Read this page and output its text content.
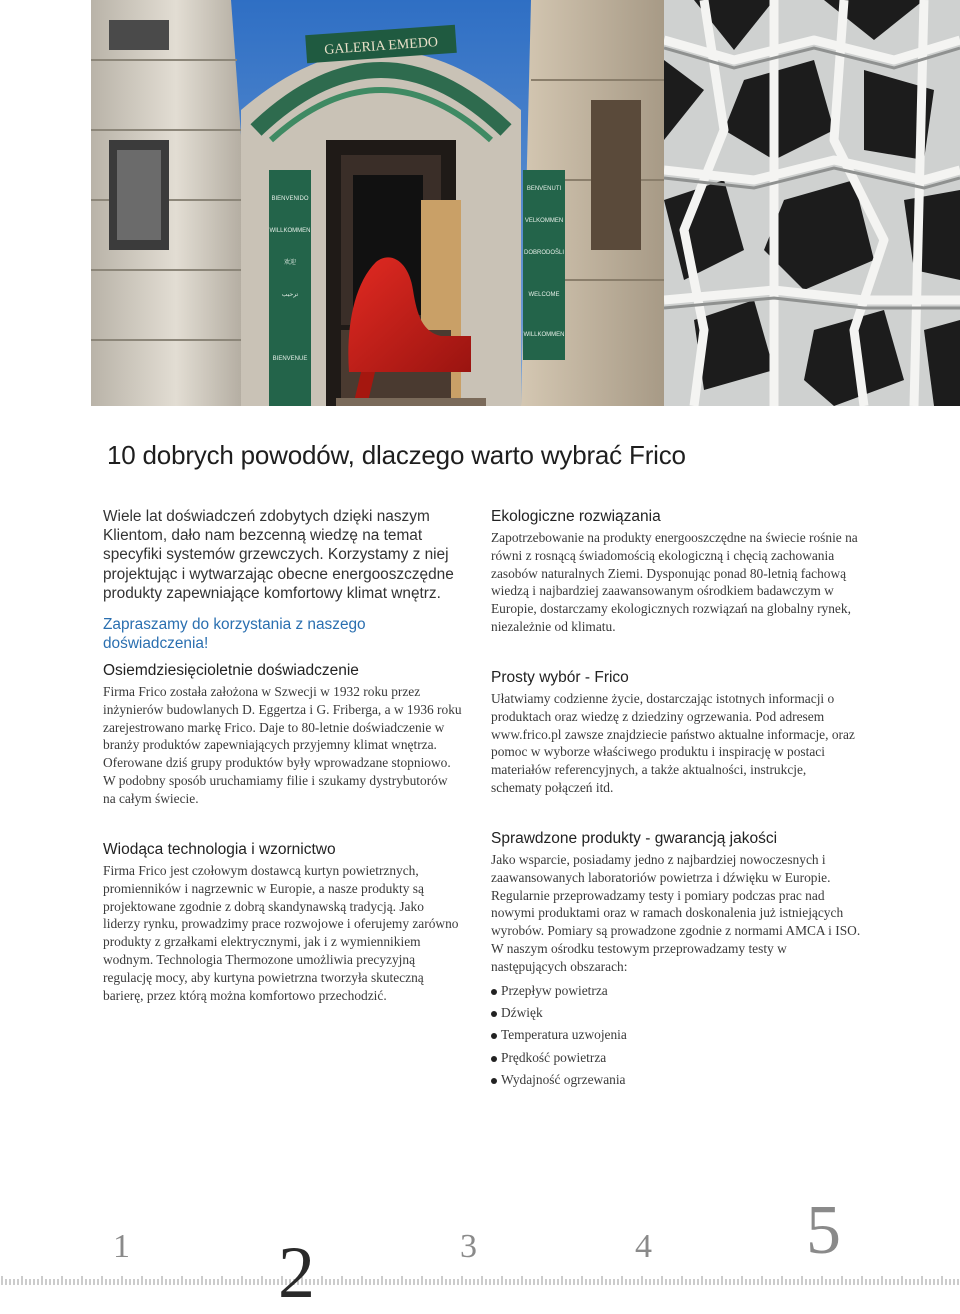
GALERIA EMEDO
BIENVENIDO
WILLKOMMEN
欢迎
ترحيب
BIENVENUE
BENVENUTI
VELKOMMEN
DOBRODOŠLI
WELCOME
WILLKOMMEN
10 dobrych powodów, dlaczego warto wybrać Frico

Wiele lat doświadczeń zdobytych dzięki naszym Klientom, dało nam bezcenną wiedzę na temat specyfiki systemów grzewczych. Korzystamy z niej projektując i wytwarzając obecne energooszczędne produkty zapewniające komfortowy klimat wnętrz.

Zapraszamy do korzystania z naszego doświadczenia!

Osiemdziesięcioletnie doświadczenie

Firma Frico została założona w Szwecji w 1932 roku przez inżynierów budowlanych D. Eggertza i G. Friberga, a w 1936 roku zarejestrowano markę Frico. Daje to 80-letnie doświadczenie w branży produktów zapewniających przyjemny klimat wnętrza. Oferowane dziś grupy produktów były wprowadzane stopniowo. W podobny sposób uruchamiamy filie i szukamy dystrybutorów na całym świecie.

Wiodąca technologia i wzornictwo

Firma Frico jest czołowym dostawcą kurtyn powietrznych, promienników i nagrzewnic w Europie, a nasze produkty są projektowane zgodnie z dobrą skandynawską tradycją. Jako liderzy rynku, prowadzimy prace rozwojowe i oferujemy zarówno produkty z grzałkami elektrycznymi, jak i z wymiennikiem wodnym. Technologia Thermozone umożliwia precyzyjną regulację mocy, aby kurtyna powietrzna tworzyła skuteczną barierę, przez którą można komfortowo przechodzić.

Ekologiczne rozwiązania

Zapotrzebowanie na produkty energooszczędne na świecie rośnie na równi z rosnącą świadomością ekologiczną i chęcią zachowania zasobów naturalnych Ziemi. Dysponując ponad 80-letnią fachową wiedzą i najbardziej zaawansowanym ośrodkiem badawczym w Europie, dostarczamy ekologicznych rozwiązań na globalny rynek, niezależnie od klimatu.

Prosty wybór - Frico

Ułatwiamy codzienne życie, dostarczając istotnych informacji o produktach oraz wiedzę z dziedziny ogrzewania. Pod adresem www.frico.pl zawsze znajdziecie państwo aktualne informacje, oraz pomoc w wyborze właściwego produktu i inspirację w postaci materiałów referencyjnych, a także aktualności, instrukcje, schematy połączeń itd.

Sprawdzone produkty - gwarancją jakości

Jako wsparcie, posiadamy jedno z najbardziej nowoczesnych i zaawansowanych laboratoriów powietrza i dźwięku w Europie. Regularnie przeprowadzamy testy i pomiary podczas prac nad nowymi produktami oraz w ramach doskonalenia już istniejących wyrobów. Pomiary są prowadzone zgodnie z normami AMCA i ISO. W naszym ośrodku testowym przeprowadzamy testy w następujących obszarach:

Przepływ powietrza
Dźwięk
Temperatura uzwojenia
Prędkość powietrza
Wydajność ogrzewania
1 2	3	4 5
